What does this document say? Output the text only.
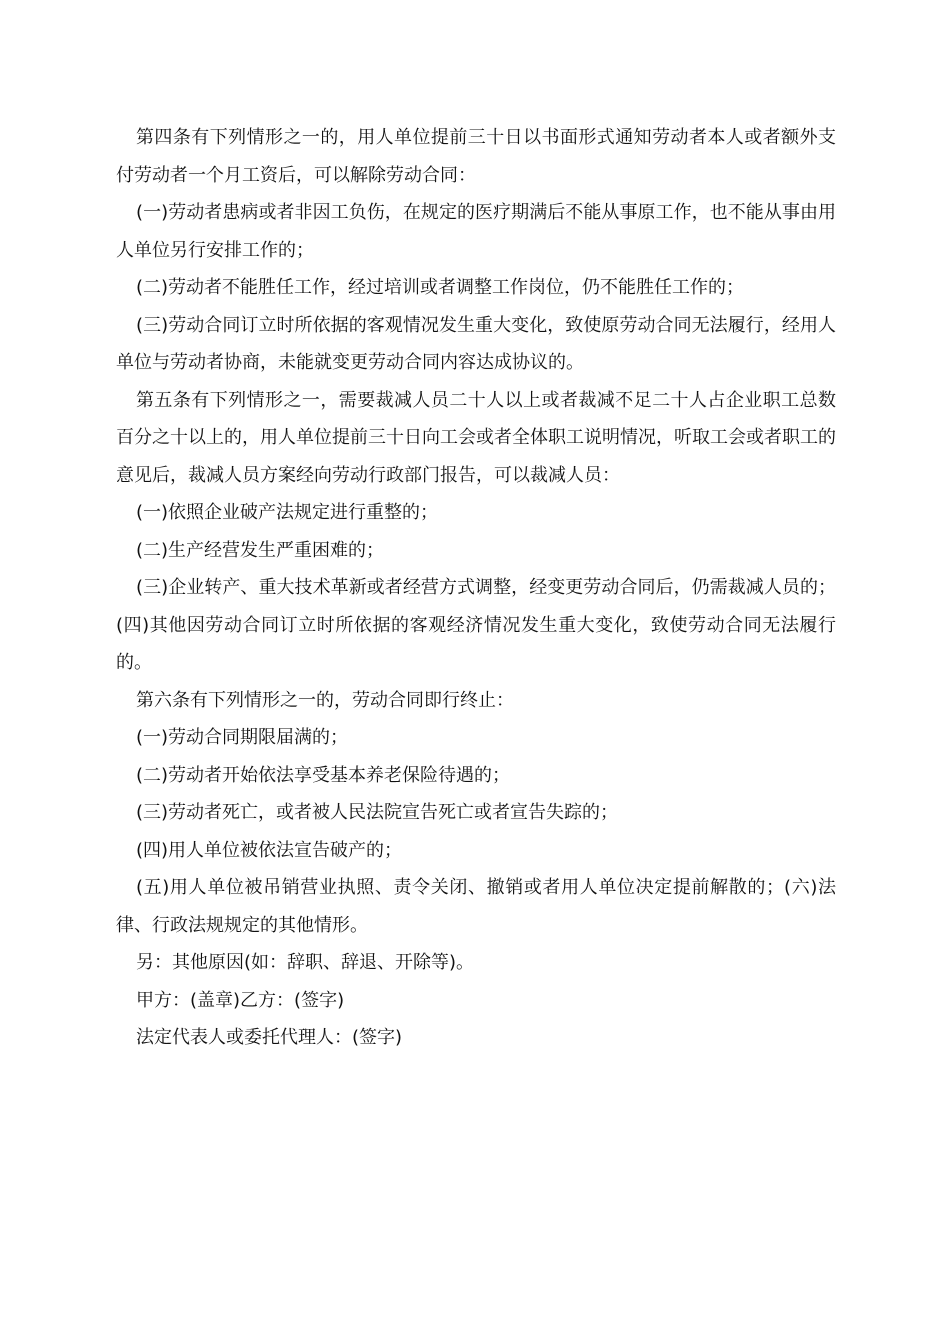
第四条有下列情形之一的，用人单位提前三十日以书面形式通知劳动者本人或者额外支付劳动者一个月工资后，可以解除劳动合同：

(一)劳动者患病或者非因工负伤，在规定的医疗期满后不能从事原工作，也不能从事由用人单位另行安排工作的；

(二)劳动者不能胜任工作，经过培训或者调整工作岗位，仍不能胜任工作的；

(三)劳动合同订立时所依据的客观情况发生重大变化，致使原劳动合同无法履行，经用人单位与劳动者协商，未能就变更劳动合同内容达成协议的。

第五条有下列情形之一，需要裁减人员二十人以上或者裁减不足二十人占企业职工总数百分之十以上的，用人单位提前三十日向工会或者全体职工说明情况，听取工会或者职工的意见后，裁减人员方案经向劳动行政部门报告，可以裁减人员：

(一)依照企业破产法规定进行重整的；

(二)生产经营发生严重困难的；

(三)企业转产、重大技术革新或者经营方式调整，经变更劳动合同后，仍需裁减人员的；(四)其他因劳动合同订立时所依据的客观经济情况发生重大变化，致使劳动合同无法履行的。

第六条有下列情形之一的，劳动合同即行终止：

(一)劳动合同期限届满的；

(二)劳动者开始依法享受基本养老保险待遇的；

(三)劳动者死亡，或者被人民法院宣告死亡或者宣告失踪的；

(四)用人单位被依法宣告破产的；

(五)用人单位被吊销营业执照、责令关闭、撤销或者用人单位决定提前解散的；(六)法律、行政法规规定的其他情形。

另：其他原因(如：辞职、辞退、开除等)。

甲方：(盖章)乙方：(签字)

法定代表人或委托代理人：(签字)
